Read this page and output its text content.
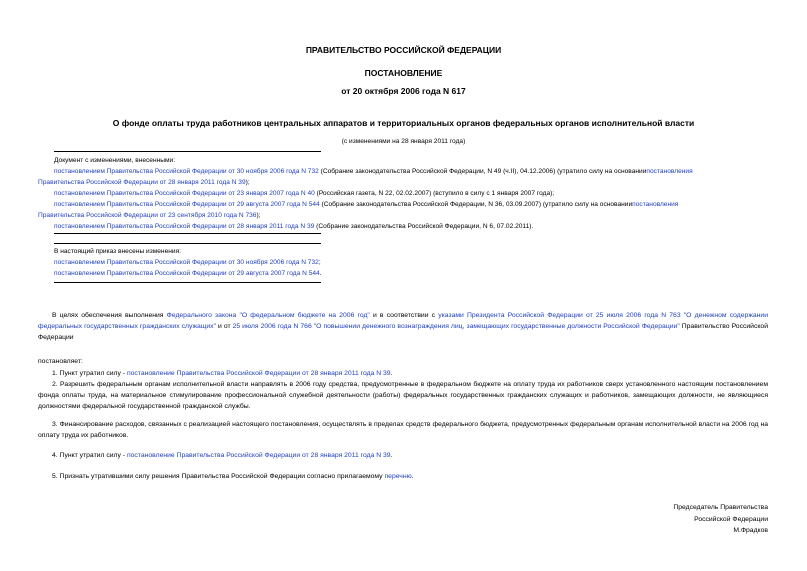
ПРАВИТЕЛЬСТВО РОССИЙСКОЙ ФЕДЕРАЦИИ
ПОСТАНОВЛЕНИЕ
от 20 октября 2006 года N 617
О фонде оплаты труда работников центральных аппаратов и территориальных органов федеральных органов исполнительной власти
(с изменениями на 28 января 2011 года)
Документ с изменениями, внесенными:
постановлением Правительства Российской Федерации от 30 ноября 2006 года N 732 (Собрание законодательства Российской Федерации, N 49 (ч.II), 04.12.2006) (утратило силу на основаниипостановления
Правительства Российской Федерации от 28 января 2011 года N 39);
постановлением Правительства Российской Федерации от 23 января 2007 года N 40 (Российская газета, N 22, 02.02.2007) (вступило в силу с 1 января 2007 года);
постановлением Правительства Российской Федерации от 29 августа 2007 года N 544 (Собрание законодательства Российской Федерации, N 36, 03.09.2007) (утратило силу на основаниипостановления
Правительства Российской Федерации от 23 сентября 2010 года N 736);
постановлением Правительства Российской Федерации от 28 января 2011 года N 39 (Собрание законодательства Российской Федерации, N 6, 07.02.2011).
В настоящий приказ внесены изменения:
постановлением Правительства Российской Федерации от 30 ноября 2006 года N 732;
постановлением Правительства Российской Федерации от 29 августа 2007 года N 544.
В целях обеспечения выполнения Федерального закона "О федеральном бюджете на 2006 год" и в соответствии с указами Президента Российской Федерации от 25 июля 2006 года N 763 "О денежном содержании федеральных государственных гражданских служащих" и от 25 июля 2006 года N 766 "О повышении денежного вознаграждения лиц, замещающих государственные должности Российской Федерации" Правительство Российской Федерации
постановляет:
1. Пункт утратил силу - постановление Правительства Российской Федерации от 28 января 2011 года N 39.
2. Разрешить федеральным органам исполнительной власти направлять в 2006 году средства, предусмотренные в федеральном бюджете на оплату труда их работников сверх установленного настоящим постановлением фонда оплаты труда, на материальное стимулирование профессиональной служебной деятельности (работы) федеральных государственных гражданских служащих и работников, замещающих должности, не являющиеся должностями федеральной государственной гражданской службы.
3. Финансирование расходов, связанных с реализацией настоящего постановления, осуществлять в пределах средств федерального бюджета, предусмотренных федеральным органам исполнительной власти на 2006 год на оплату труда их работников.
4. Пункт утратил силу - постановление Правительства Российской Федерации от 28 января 2011 года N 39.
5. Признать утратившими силу решения Правительства Российской Федерации согласно прилагаемому перечню.
Председатель Правительства
Российской Федерации
М.Фрадков
